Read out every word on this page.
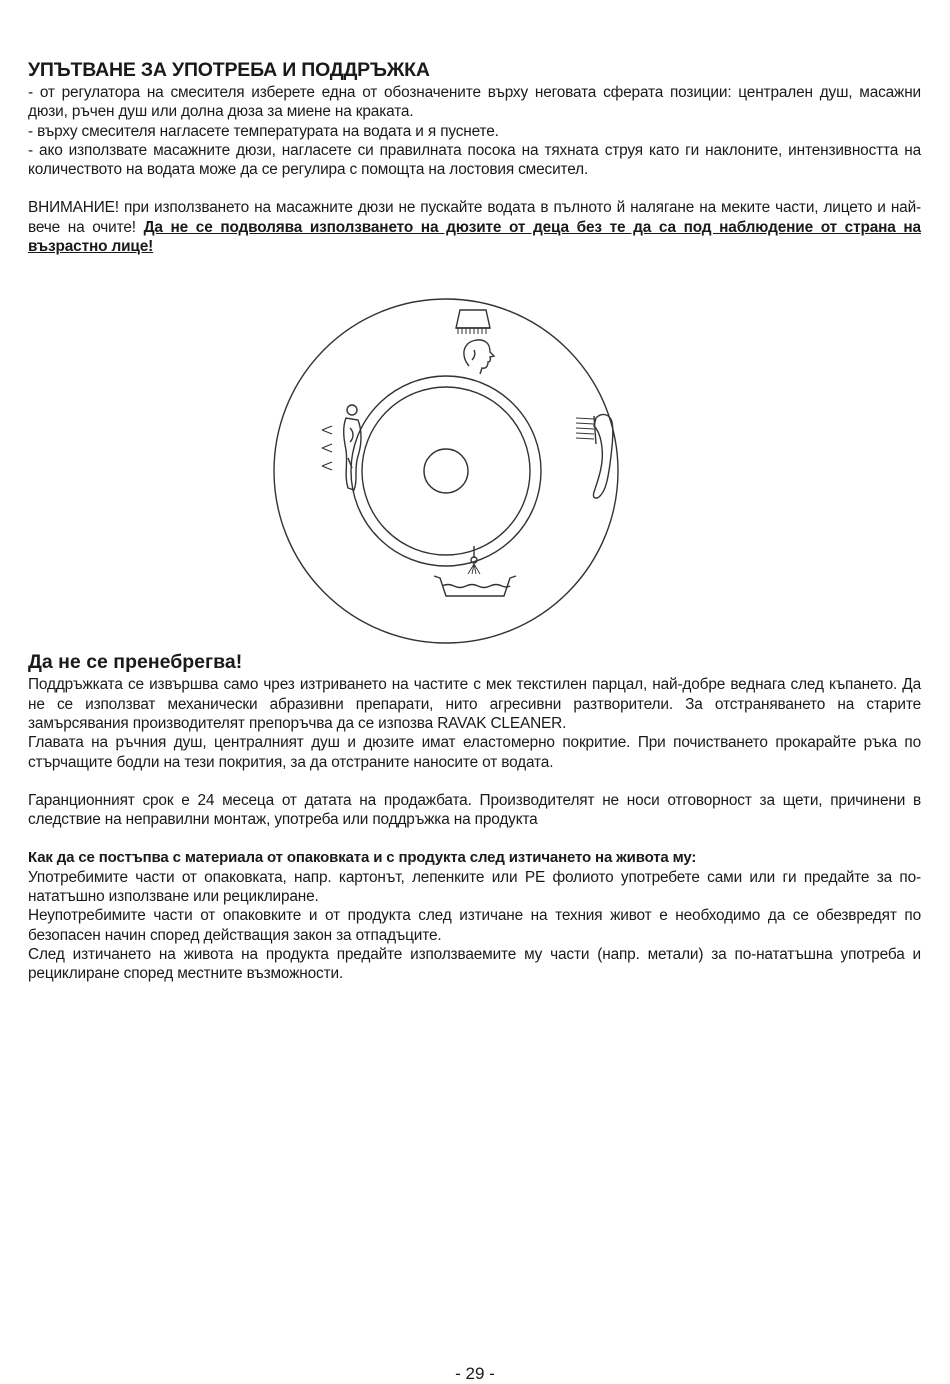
УПЪТВАНЕ ЗА УПОТРЕБА И ПОДДРЪЖКА

- от регулатора на смесителя изберете една от обозначените върху неговата сферата позиции: централен душ, масажни дюзи, ръчен душ или долна дюза за миене на краката.

- върху смесителя нагласете температурата на водата и я пуснете.

- ако използвате масажните дюзи, нагласете си правилната посока на тяхната струя като ги наклоните, интензивността на количеството на водата може да се регулира с помощта на лостовия смесител.

ВНИМАНИЕ! при използването на масажните дюзи не пускайте водата в пълното й налягане на меките части, лицето и най-вече на очите! Да не се подволява използването на дюзите от деца без те да са под наблюдение от страна на възрастно лице!

Да не се пренебрегва!

Поддръжката се извършва само чрез изтриването на частите с мек текстилен парцал, най-добре веднага след къпането. Да не се използват механически абразивни препарати, нито агресивни разтворители. За отстраняването на старите замърсявания производителят препоръчва да се изпозва RAVAK CLEANER.

Главата на ръчния душ, централният душ и дюзите имат еластомерно покритие. При почистването прокарайте ръка по стърчащите бодли на тези покрития, за да отстраните наносите от водата.

Гаранционният срок е 24 месеца от датата на продажбата. Производителят не носи отговорност за щети, причинени в следствие на неправилни монтаж, употреба или поддръжка на продукта

Как да се постъпва с материала от опаковката и с продукта след изтичането на живота му:

Употребимите части от опаковката, напр. картонът, лепенките или PE фолиото употребете сами или ги предайте за по-нататъшно използване или рециклиране.

Неупотребимите части от опаковките и от продукта след изтичане на техния живот е необходимо да се обезвредят по безопасен начин според действащия закон за отпадъците.

След изтичането на живота на продукта предайте използваемите му части (напр. метали) за по-нататъшна употреба и рециклиране според местните възможности.

- 29 -
